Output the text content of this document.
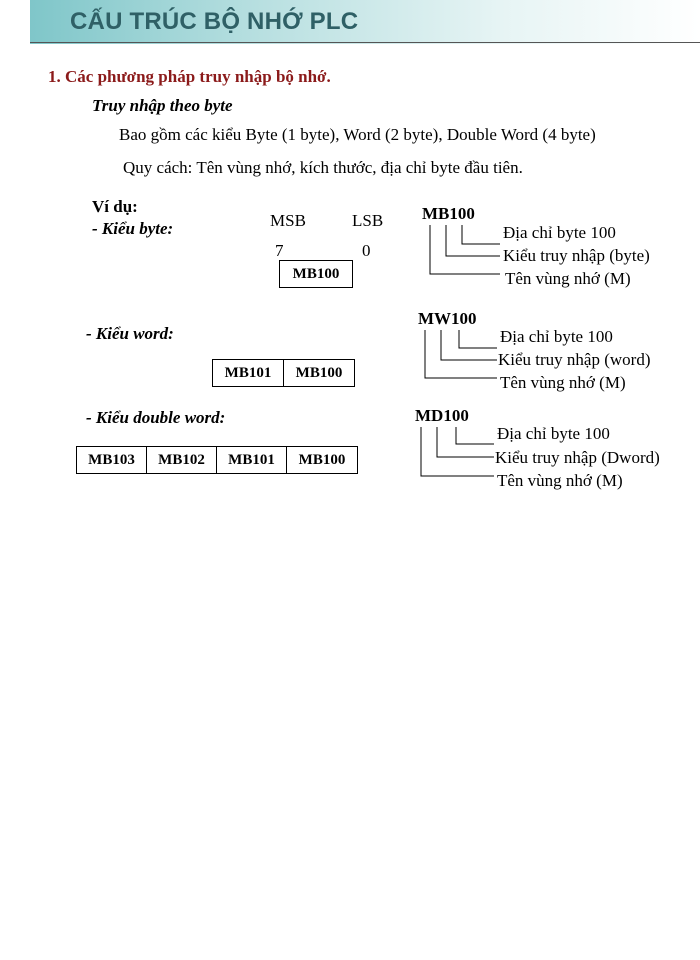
CẤU TRÚC BỘ NHỚ PLC
1. Các phương pháp truy nhập bộ nhớ.
Truy nhập theo byte
Bao gồm các kiểu Byte (1 byte), Word (2 byte), Double Word (4 byte)
Quy cách: Tên vùng nhớ, kích thước, địa chỉ byte đầu tiên.
Ví dụ:
- Kiểu byte:	MSB	LSB
7	0
MB100
MB100
Địa chỉ byte 100
Kiểu truy nhập (byte)
Tên vùng nhớ (M)
- Kiểu word:
MB101	MB100
MW100
Địa chỉ byte 100
Kiểu truy nhập (word)
Tên vùng nhớ (M)
- Kiểu double word:
MB103	MB102	MB101	MB100
MD100
Địa chỉ byte 100
Kiểu truy nhập (Dword)
Tên vùng nhớ (M)
